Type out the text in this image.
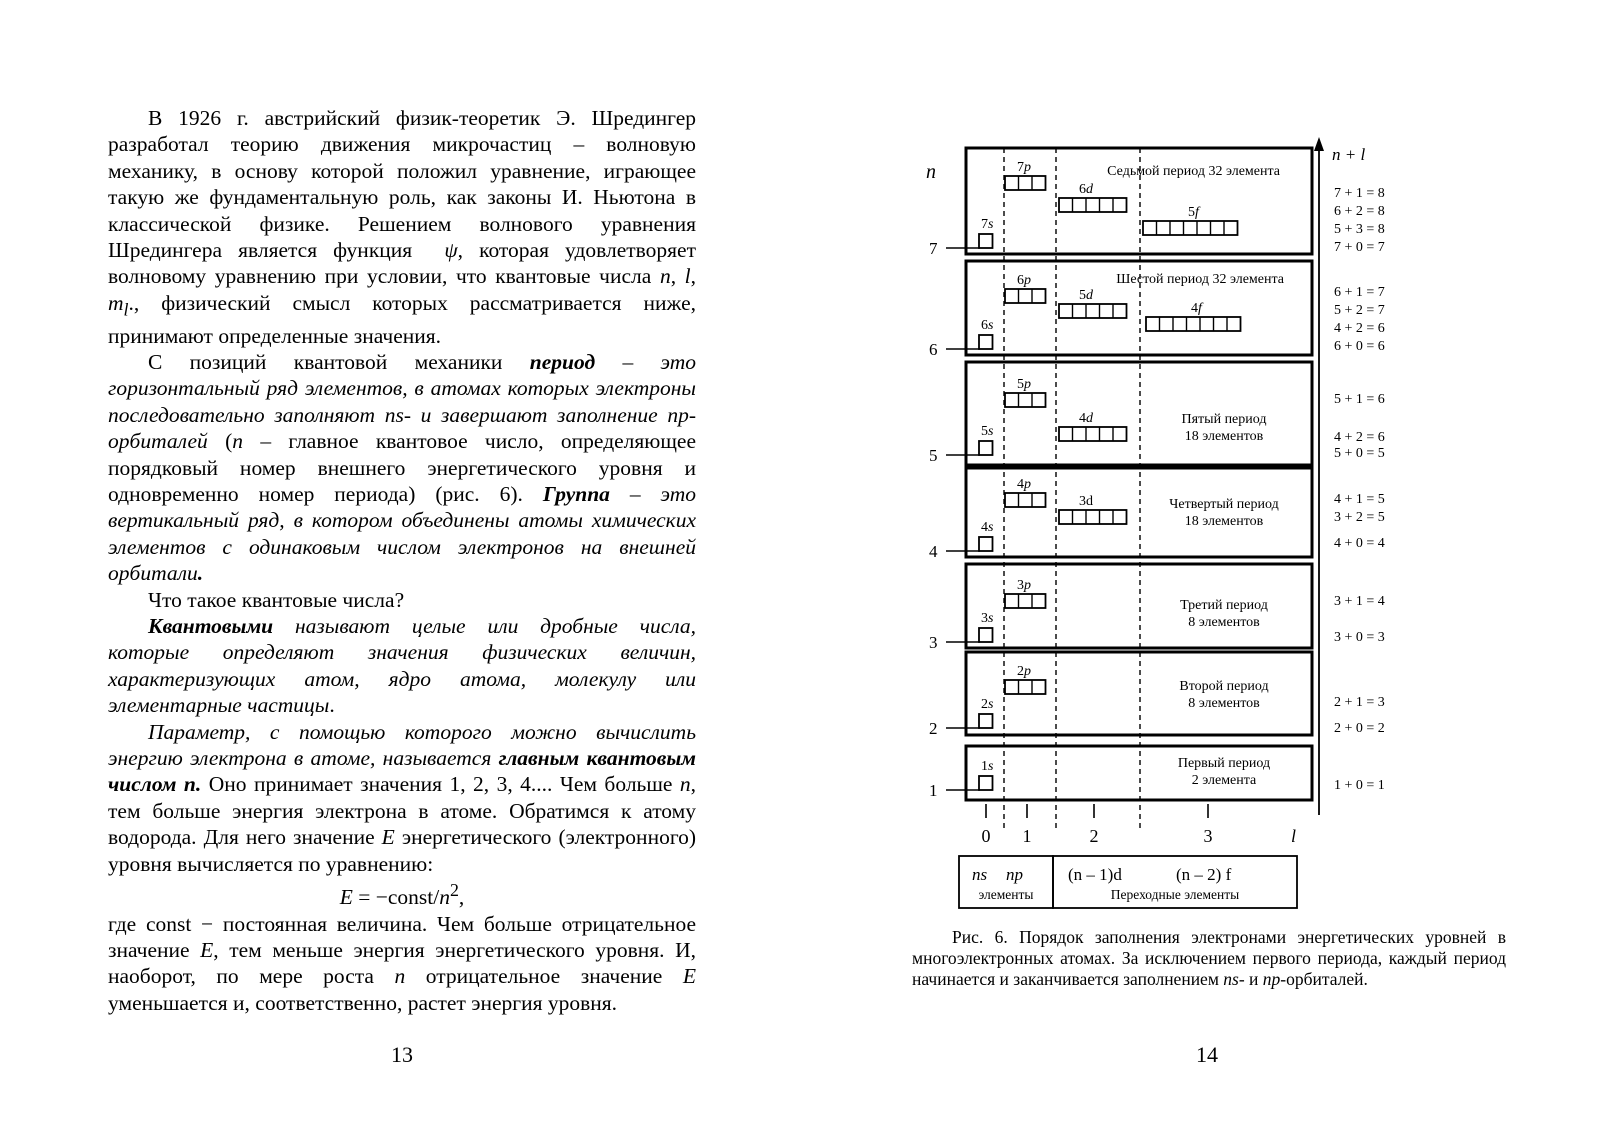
В 1926 г. австрийский физик-теоретик Э. Шредингер разработал теорию движения микрочастиц – волновую механику, в основу которой положил уравнение, играющее такую же фундаментальную роль, как законы И. Ньютона в классической физике. Решением волнового уравнения Шредингера является функция ψ, которая удовлетворяет волновому уравнению при условии, что квантовые числа n, l, $m_l$., физический смысл которых рассматривается ниже, принимают определенные значения.

С позиций квантовой механики период – это горизонтальный ряд элементов, в атомах которых электроны последовательно заполняют ns- и завершают заполнение np-орбиталей (n – главное квантовое число, определяющее порядковый номер внешнего энергетического уровня и одновременно номер периода) (рис. 6). Группа – это вертикальный ряд, в котором объединены атомы химических элементов с одинаковым числом электронов на внешней орбитали.

Что такое квантовые числа?

Квантовыми называют целые или дробные числа, которые определяют значения физических величин, характеризующих атом, ядро атома, молекулу или элементарные частицы.

Параметр, с помощью которого можно вычислить энергию электрона в атоме, называется главным квантовым числом n. Оно принимает значения 1, 2, 3, 4.... Чем больше n, тем больше энергия электрона в атоме. Обратимся к атому водорода. Для него значение E энергетического (электронного) уровня вычисляется по уравнению:

$E = -const/n^2$,

где const − постоянная величина. Чем больше отрицательное значение E, тем меньше энергия энергетического уровня. И, наоборот, по мере роста n отрицательное значение E уменьшается и, соответственно, растет энергия уровня.

13
n
n + l
7
7s
7p
6d
5f
Седьмой период 32 элемента
7 + 1 = 8
6 + 2 = 8
5 + 3 = 8
7 + 0 = 7
6
6s
6p
5d
4f
Шестой период 32 элемента
6 + 1 = 7
5 + 2 = 7
4 + 2 = 6
6 + 0 = 6
5
5s
5p
4d	Пятый период
18 элементов
5 + 1 = 6
4 + 2 = 6
5 + 0 = 5
4
4s
4p
3d	Четвертый период
18 элементов
4 + 1 = 5
3 + 2 = 5
4 + 0 = 4
3
3s
3p
Третий период
8 элементов
3 + 1 = 4
3 + 0 = 3
2
2s
2p
Второй период
8 элементов	2 + 1 = 3
2 + 0 = 2
1
1s	Первый период
2 элемента	1 + 0 = 1
0 1	2	3	l
ns np
элементы
(n – 1)d	(n – 2) f
Переходные элементы

Рис. 6. Порядок заполнения электронами энергетических уровней в многоэлектронных атомах. За исключением первого периода, каждый период начинается и заканчивается заполнением ns- и np-орбиталей.

14
